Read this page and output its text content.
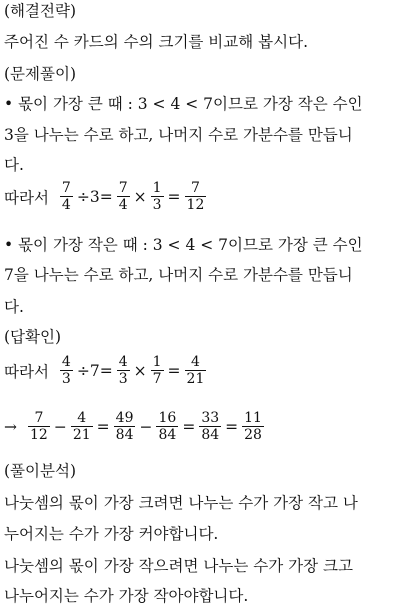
(해결전략)
주어진 수 카드의 수의 크기를 비교해 봅시다.
(문제풀이)
• 몫이 가장 큰 때 : 3 < 4 < 7이므로 가장 작은 수인
3을 나누는 수로 하고, 나머지 수로 가분수를 만듭니
다.
따라서 $\frac{7}{4} \div 3= \frac{7}{4} \times \frac{1}{3} = \frac{7}{12}$
• 몫이 가장 작은 때 : 3 < 4 < 7이므로 가장 큰 수인
7을 나누는 수로 하고, 나머지 수로 가분수를 만듭니
다.
(답확인)
따라서 $\frac{4}{3} \div 7= \frac{4}{3} \times \frac{1}{7} = \frac{4}{21}$
→ $\frac{7}{12} - \frac{4}{21} = \frac{49}{84} - \frac{16}{84} = \frac{33}{84} = \frac{11}{28}$
(풀이분석)
나눗셈의 몫이 가장 크려면 나누는 수가 가장 작고 나
누어지는 수가 가장 커야합니다.
나눗셈의 몫이 가장 작으려면 나누는 수가 가장 크고
나누어지는 수가 가장 작아야합니다.
